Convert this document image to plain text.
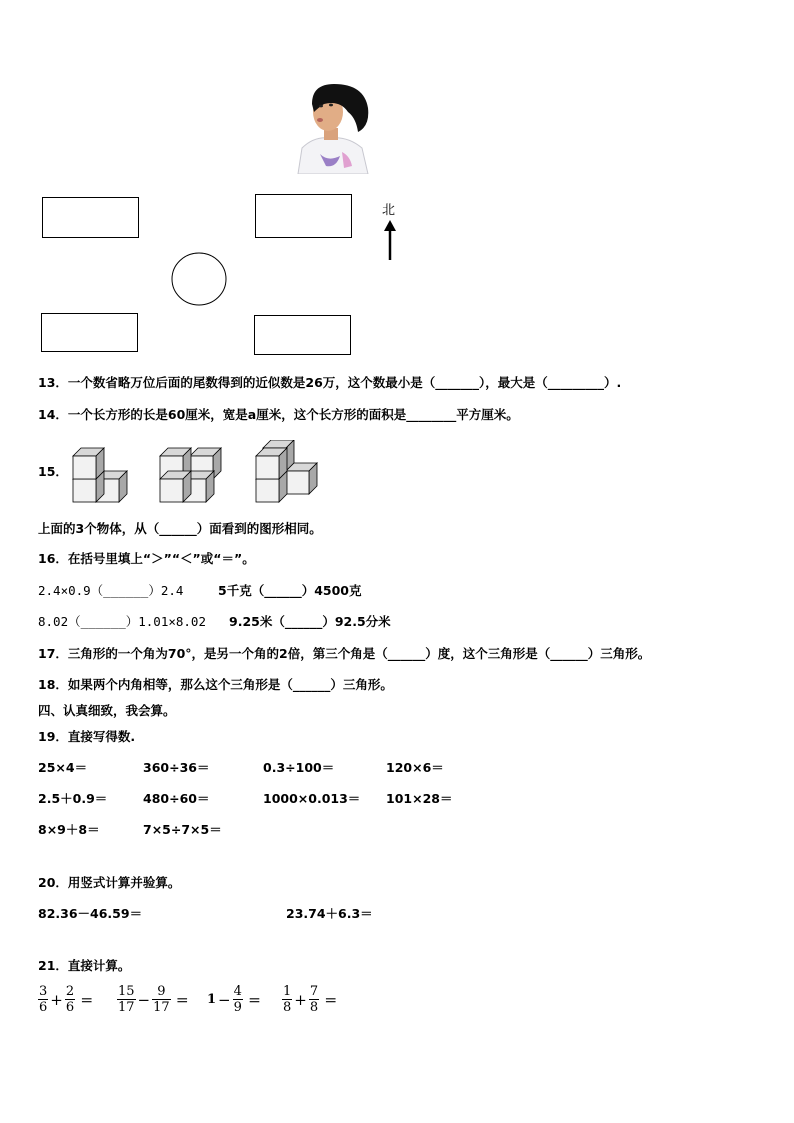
北
13．一个数省略万位后面的尾数得到的近似数是26万，这个数最小是（_______），最大是（_________）.
14．一个长方形的长是60厘米，宽是a厘米，这个长方形的面积是________平方厘米。
15．
上面的3个物体，从（______）面看到的图形相同。
16．在括号里填上“＞”“＜”或“＝”。
2.4×0.9（______）2.4	5千克（______）4500克
8.02（______）1.01×8.02 9.25米（______）92.5分米
17．三角形的一个角为70°，是另一个角的2倍，第三个角是（______）度，这个三角形是（______）三角形。
18．如果两个内角相等，那么这个三角形是（______）三角形。
四、认真细致，我会算。
19．直接写得数.
25×4＝	360÷36＝	0.3÷100＝	120×6＝
2.5＋0.9＝	480÷60＝	1000×0.013＝ 101×28＝
8×9＋8＝	7×5÷7×5＝
20．用竖式计算并验算。
82.36－46.59＝	23.74＋6.3＝
21．直接计算。
$\frac{3}{6} + \frac{2}{6} = \frac{15}{17} - \frac{9}{17} = 1 - \frac{4}{9} = \frac{1}{8} + \frac{7}{8}$ ＝
